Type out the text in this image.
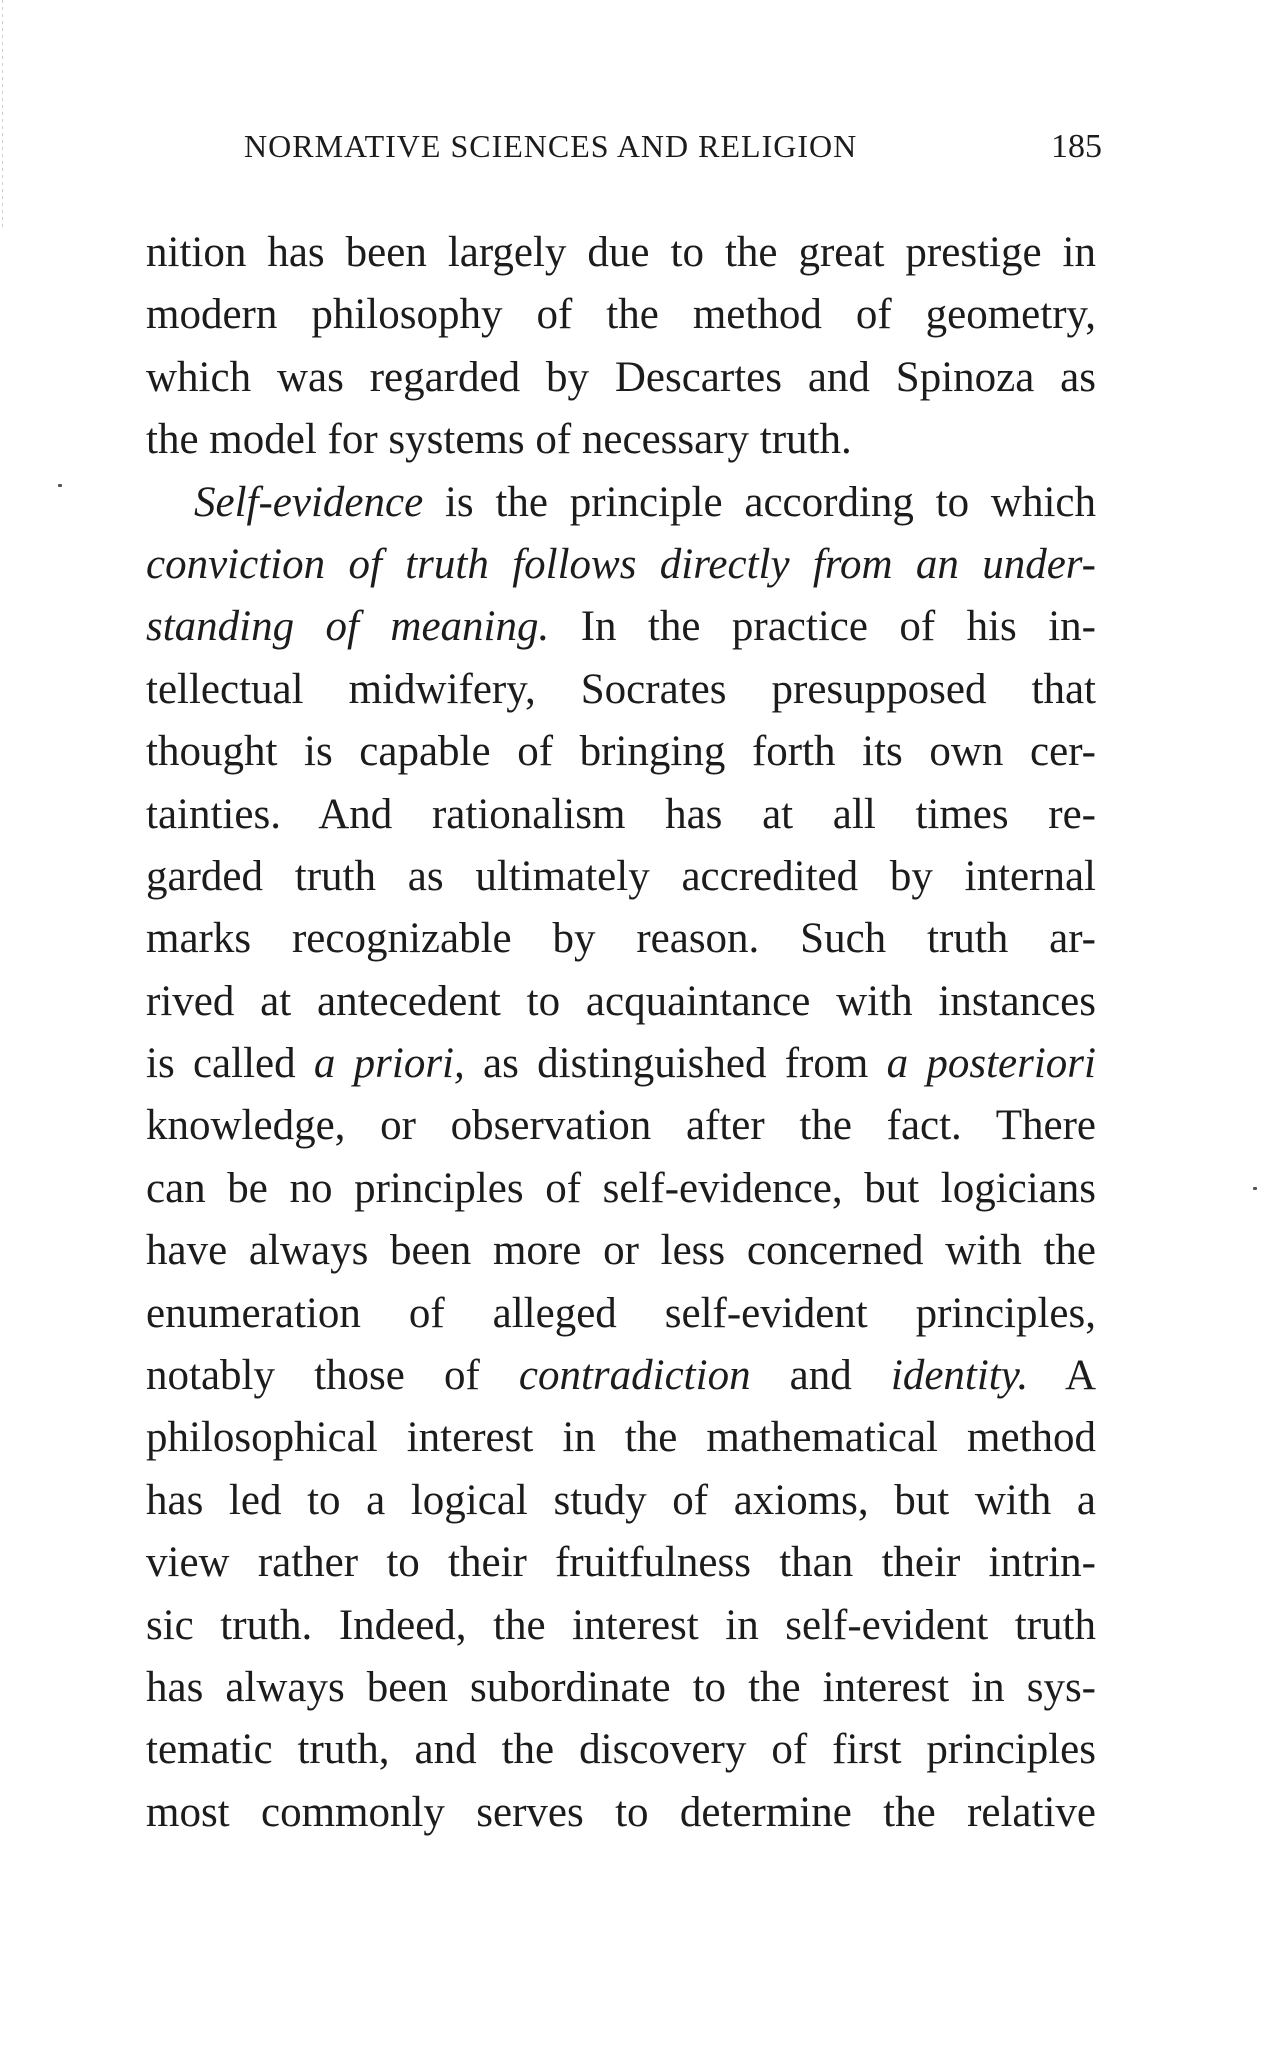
NORMATIVE SCIENCES AND RELIGION	185
nition has been largely due to the great prestige in
modern philosophy of the method of geometry,
which was regarded by Descartes and Spinoza as
the model for systems of necessary truth.
Self-evidence is the principle according to which
conviction of truth follows directly from an under-
standing of meaning. In the practice of his in-
tellectual midwifery, Socrates presupposed that
thought is capable of bringing forth its own cer-
tainties. And rationalism has at all times re-
garded truth as ultimately accredited by internal
marks recognizable by reason. Such truth ar-
rived at antecedent to acquaintance with instances
is called a priori, as distinguished from a posteriori
knowledge, or observation after the fact. There
can be no principles of self-evidence, but logicians
have always been more or less concerned with the
enumeration of alleged self-evident principles,
notably those of contradiction and identity. A
philosophical interest in the mathematical method
has led to a logical study of axioms, but with a
view rather to their fruitfulness than their intrin-
sic truth. Indeed, the interest in self-evident truth
has always been subordinate to the interest in sys-
tematic truth, and the discovery of first principles
most commonly serves to determine the relative
